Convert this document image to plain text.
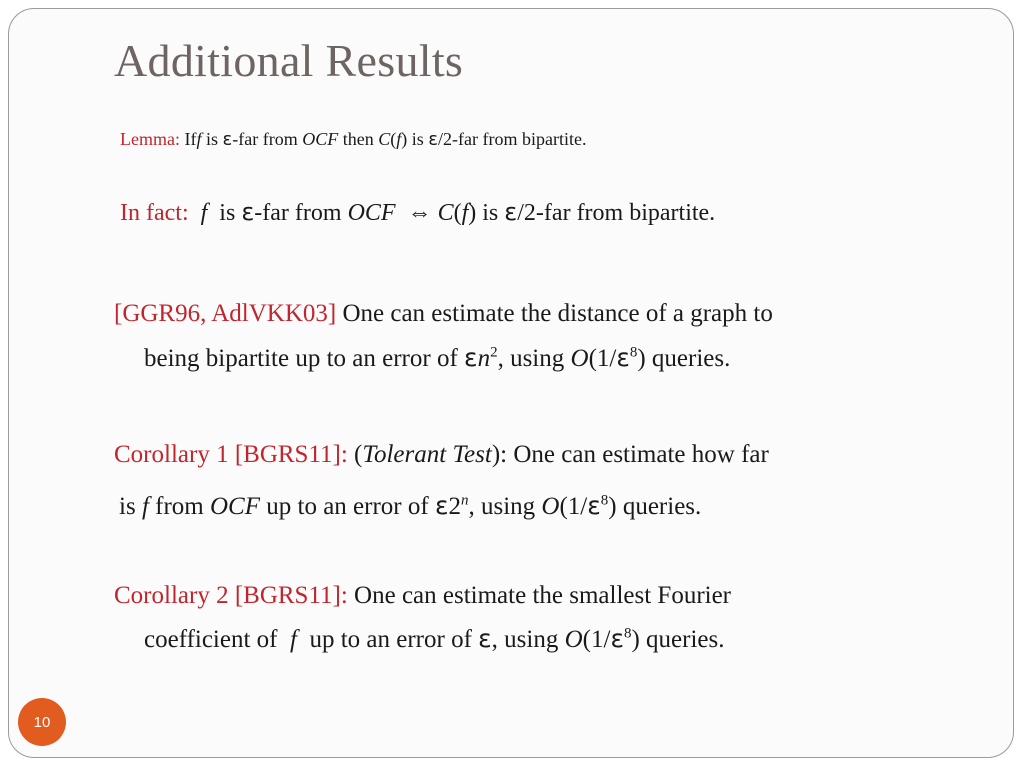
Additional Results
Lemma: Iff is ε-far from OCF then C(f) is ε/2-far from bipartite.
In fact: f is ε-far from OCF ⇔ C(f) is ε/2-far from bipartite.
[GGR96, AdlVKK03] One can estimate the distance of a graph to
being bipartite up to an error of $\varepsilon n^2$, using $O(1/\varepsilon^8)$ queries.
Corollary 1 [BGRS11]: (Tolerant Test): One can estimate how far
is f from OCF up to an error of ε2$^n$, using $O(1/\varepsilon^8)$ queries.
Corollary 2 [BGRS11]: One can estimate the smallest Fourier
coefficient of f up to an error of ε, using $O(1/\varepsilon^8)$ queries.
10
